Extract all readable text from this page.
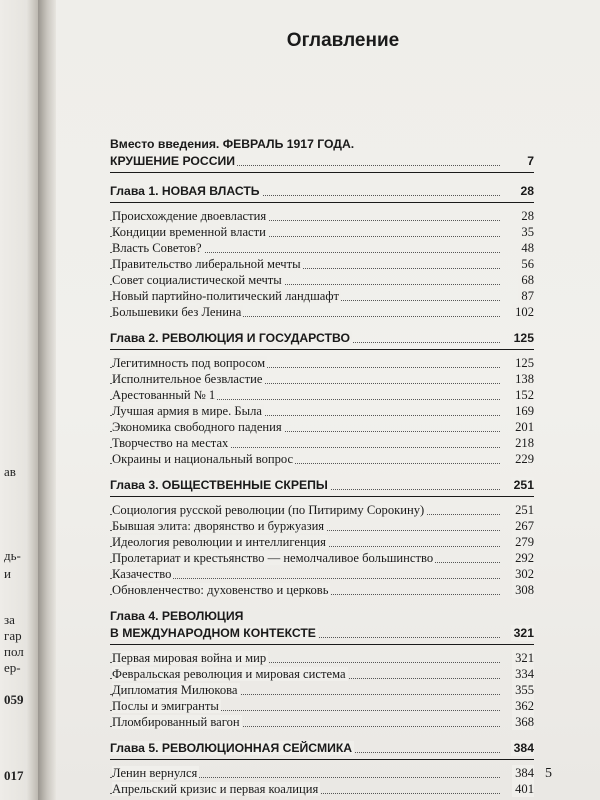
ав
дь-
и
за
гар
пол
ер-
059
017
Оглавление
Вместо введения. ФЕВРАЛЬ 1917 ГОДА.
КРУШЕНИЕ РОССИИ	7
Глава 1. НОВАЯ ВЛАСТЬ	28
Происхождение двоевластия	28
Кондиции временной власти	35
Власть Советов?	48
Правительство либеральной мечты	56
Совет социалистической мечты	68
Новый партийно-политический ландшафт	87
Большевики без Ленина	102
Глава 2. РЕВОЛЮЦИЯ И ГОСУДАРСТВО	125
Легитимность под вопросом	125
Исполнительное безвластие	138
Арестованный № 1	152
Лучшая армия в мире. Была	169
Экономика свободного падения	201
Творчество на местах	218
Окраины и национальный вопрос	229
Глава 3. ОБЩЕСТВЕННЫЕ СКРЕПЫ	251
Социология русской революции (по Питириму Сорокину)	251
Бывшая элита: дворянство и буржуазия	267
Идеология революции и интеллигенция	279
Пролетариат и крестьянство — немолчаливое большинство	292
Казачество	302
Обновленчество: духовенство и церковь	308
Глава 4. РЕВОЛЮЦИЯ
В МЕЖДУНАРОДНОМ КОНТЕКСТЕ	321
Первая мировая война и мир	321
Февральская революция и мировая система	334
Дипломатия Милюкова	355
Послы и эмигранты	362
Пломбированный вагон	368
Глава 5. РЕВОЛЮЦИОННАЯ СЕЙСМИКА	384
Ленин вернулся	384
Апрельский кризис и первая коалиция	401
5
